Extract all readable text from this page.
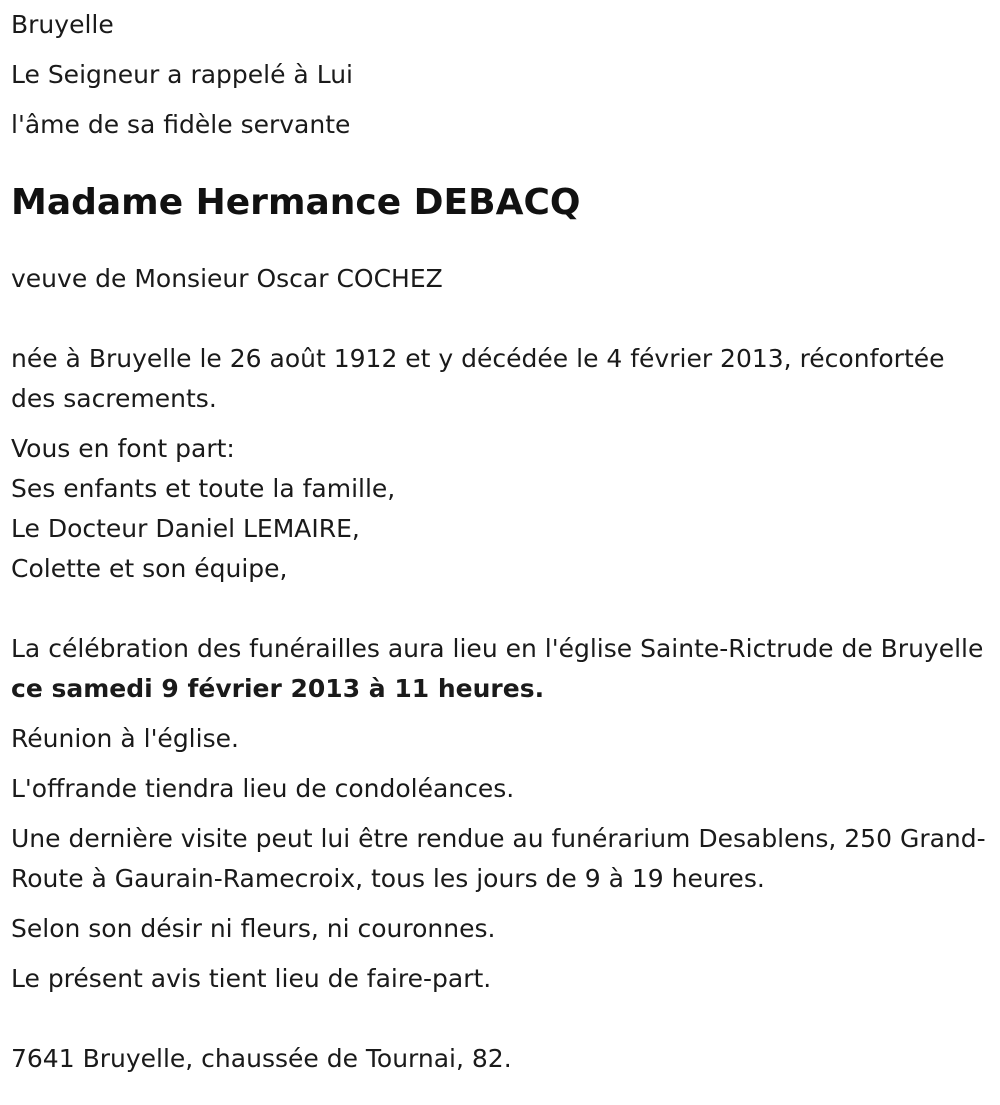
Bruyelle

Le Seigneur a rappelé à Lui

l'âme de sa fidèle servante

Madame Hermance DEBACQ

veuve de Monsieur Oscar COCHEZ

née à Bruyelle le 26 août 1912 et y décédée le 4 février 2013, réconfortée des sacrements.

Vous en font part:

Ses enfants et toute la famille,

Le Docteur Daniel LEMAIRE,

Colette et son équipe,

La célébration des funérailles aura lieu en l'église Sainte-Rictrude de Bruyelle ce samedi 9 février 2013 à 11 heures.

Réunion à l'église.

L'offrande tiendra lieu de condoléances.

Une dernière visite peut lui être rendue au funérarium Desablens, 250 Grand-Route à Gaurain-Ramecroix, tous les jours de 9 à 19 heures.

Selon son désir ni fleurs, ni couronnes.

Le présent avis tient lieu de faire-part.

7641 Bruyelle, chaussée de Tournai, 82.
